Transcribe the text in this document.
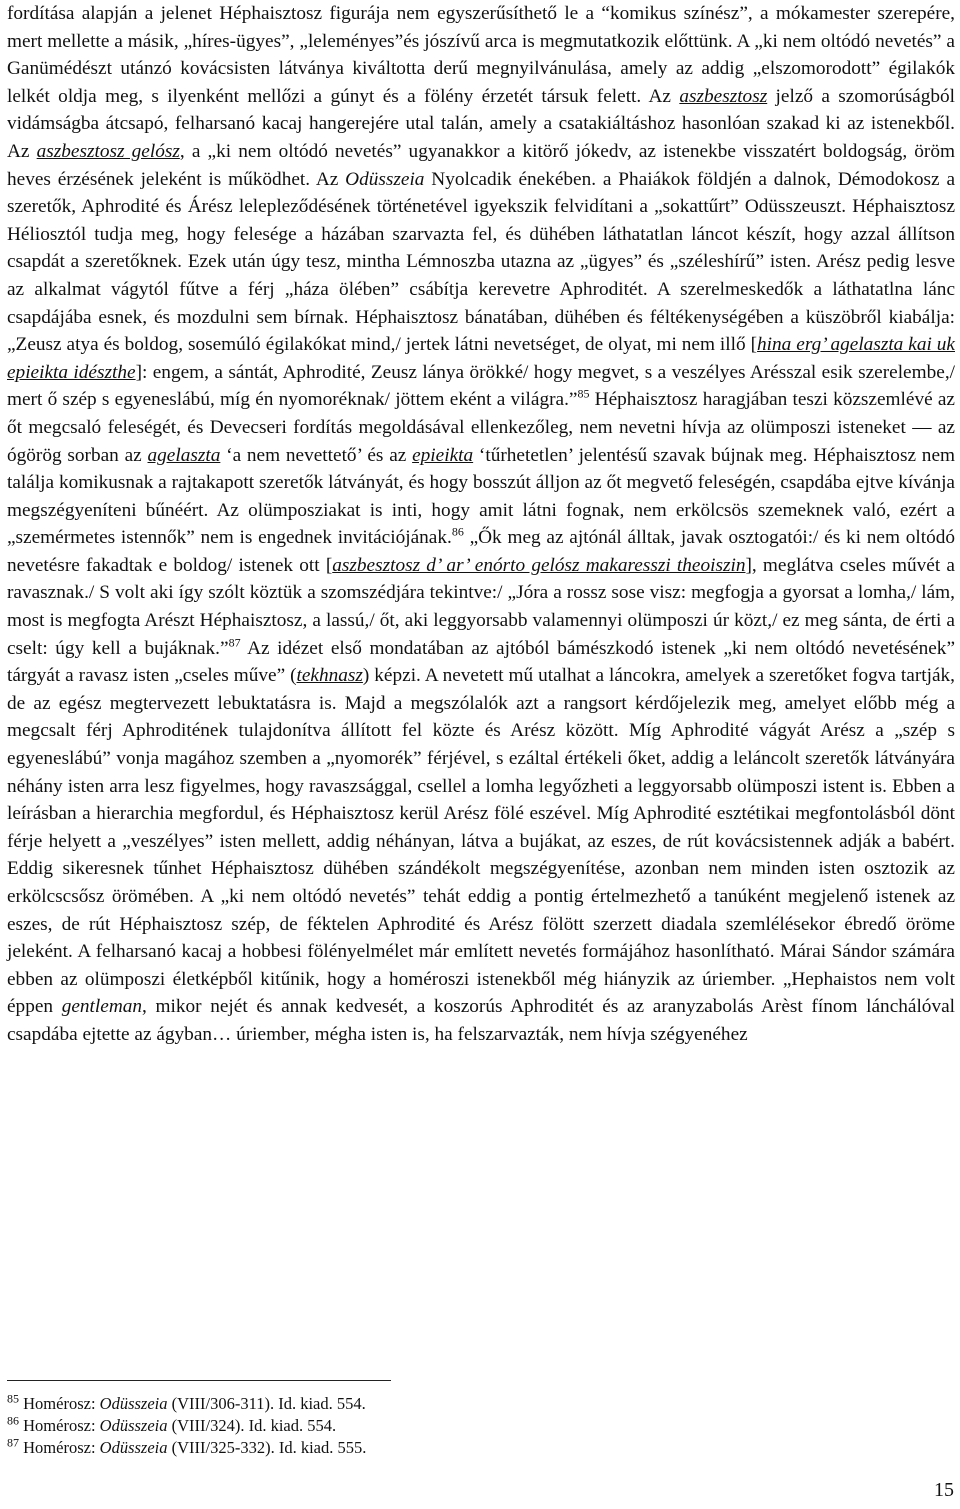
fordítása alapján a jelenet Héphaisztosz figurája nem egyszerűsíthető le a “komikus színész”, a mókamester szerepére, mert mellette a másik, „híres-ügyes”, „leleményes”és jószívű arca is megmutatkozik előttünk. A „ki nem oltódó nevetés” a Ganümédészt utánzó kovácsisten látványa kiváltotta derű megnyilvánulása, amely az addig „elszomorodott” égilakók lelkét oldja meg, s ilyenként mellőzi a gúnyt és a fölény érzetét társuk felett. Az aszbesztosz jelző a szomorúságból vidámságba átcsapó, felharsanó kacaj hangerejére utal talán, amely a csatakiáltáshoz hasonlóan szakad ki az istenekből. Az aszbesztosz gelósz, a „ki nem oltódó nevetés” ugyanakkor a kitörő jókedv, az istenekbe visszatért boldogság, öröm heves érzésének jeleként is működhet. Az Odüsszeia Nyolcadik énekében. a Phaiákok földjén a dalnok, Démodokosz a szeretők, Aphrodité és Árész lelepleződésének történetével igyekszik felvidítani a „sokattűrt” Odüsszeuszt. Héphaisztosz Héliosztól tudja meg, hogy felesége a házában szarvazta fel, és dühében láthatatlan láncot készít, hogy azzal állítson csapdát a szeretőknek. Ezek után úgy tesz, mintha Lémnoszba utazna az „ügyes” és „széleshírű” isten. Arész pedig lesve az alkalmat vágytól fűtve a férj „háza ölében” csábítja kerevetre Aphroditét. A szerelmeskedők a láthatatlna lánc csapdájába esnek, és mozdulni sem bírnak. Héphaisztosz bánatában, dühében és féltékenységében a küszöbről kiabálja: „Zeusz atya és boldog, sosemúló égilakókat mind,/ jertek látni nevetséget, de olyat, mi nem illő [hina erg’ agelaszta kai uk epieikta idészthe]: engem, a sántát, Aphrodité, Zeusz lánya örökké/ hogy megvet, s a veszélyes Arésszal esik szerelembe,/ mert ő szép s egyeneslábú, míg én nyomoréknak/ jöttem eként a világra.”$^{85}$ Héphaisztosz haragjában teszi közszemlévé az őt megcsaló feleségét, és Devecseri fordítás megoldásával ellenkezőleg, nem nevetni hívja az olümposzi isteneket — az ógörög sorban az agelaszta ‘a nem nevettető’ és az epieikta ‘tűrhetetlen’ jelentésű szavak bújnak meg. Héphaisztosz nem találja komikusnak a rajtakapott szeretők látványát, és hogy bosszút álljon az őt megvető feleségén, csapdába ejtve kívánja megszégyeníteni bűnéért. Az olümposziakat is inti, hogy amit látni fognak, nem erkölcsös szemeknek való, ezért a „szemérmetes istennők” nem is engednek invitációjának.$^{86}$ „Ők meg az ajtónál álltak, javak osztogatói:/ és ki nem oltódó nevetésre fakadtak e boldog/ istenek ott [aszbesztosz d’ ar’ enórto gelósz makaresszi theoiszin], meglátva cseles művét a ravasznak./ S volt aki így szólt köztük a szomszédjára tekintve:/ „Jóra a rossz sose visz: megfogja a gyorsat a lomha,/ lám, most is megfogta Arészt Héphaisztosz, a lassú,/ őt, aki leggyorsabb valamennyi olümposzi úr közt,/ ez meg sánta, de érti a cselt: úgy kell a bujáknak.”$^{87}$ Az idézet első mondatában az ajtóból bámészkodó istenek „ki nem oltódó nevetésének” tárgyát a ravasz isten „cseles műve” (tekhnasz) képzi. A nevetett mű utalhat a láncokra, amelyek a szeretőket fogva tartják, de az egész megtervezett lebuktatásra is. Majd a megszólalók azt a rangsort kérdőjelezik meg, amelyet előbb még a megcsalt férj Aphroditének tulajdonítva állított fel közte és Arész között. Míg Aphrodité vágyát Arész a „szép s egyeneslábú” vonja magához szemben a „nyomorék” férjével, s ezáltal értékeli őket, addig a leláncolt szeretők látványára néhány isten arra lesz figyelmes, hogy ravaszsággal, csellel a lomha legyőzheti a leggyorsabb olümposzi istent is. Ebben a leírásban a hierarchia megfordul, és Héphaisztosz kerül Arész fölé eszével. Míg Aphrodité esztétikai megfontolásból dönt férje helyett a „veszélyes” isten mellett, addig néhányan, látva a bujákat, az eszes, de rút kovácsistennek adják a babért. Eddig sikeresnek tűnhet Héphaisztosz dühében szándékolt megszégyenítése, azonban nem minden isten osztozik az erkölcscsősz örömében. A „ki nem oltódó nevetés” tehát eddig a pontig értelmezhető a tanúként megjelenő istenek az eszes, de rút Héphaisztosz szép, de féktelen Aphrodité és Arész fölött szerzett diadala szemlélésekor ébredő öröme jeleként. A felharsanó kacaj a hobbesi fölényelmélet már említett nevetés formájához hasonlítható. Márai Sándor számára ebben az olümposzi életképből kitűnik, hogy a homéroszi istenekből még hiányzik az úriember. „Hephaistos nem volt éppen gentleman, mikor nejét és annak kedvesét, a koszorús Aphroditét és az aranyzabolás Arèst fínom lánchálóval csapdába ejtette az ágyban… úriember, mégha isten is, ha felszarvazták, nem hívja szégyenéhez

$^{85}$ Homérosz: Odüsszeia (VIII/306-311). Id. kiad. 554.
$^{86}$ Homérosz: Odüsszeia (VIII/324). Id. kiad. 554.
$^{87}$ Homérosz: Odüsszeia (VIII/325-332). Id. kiad. 555.
15
